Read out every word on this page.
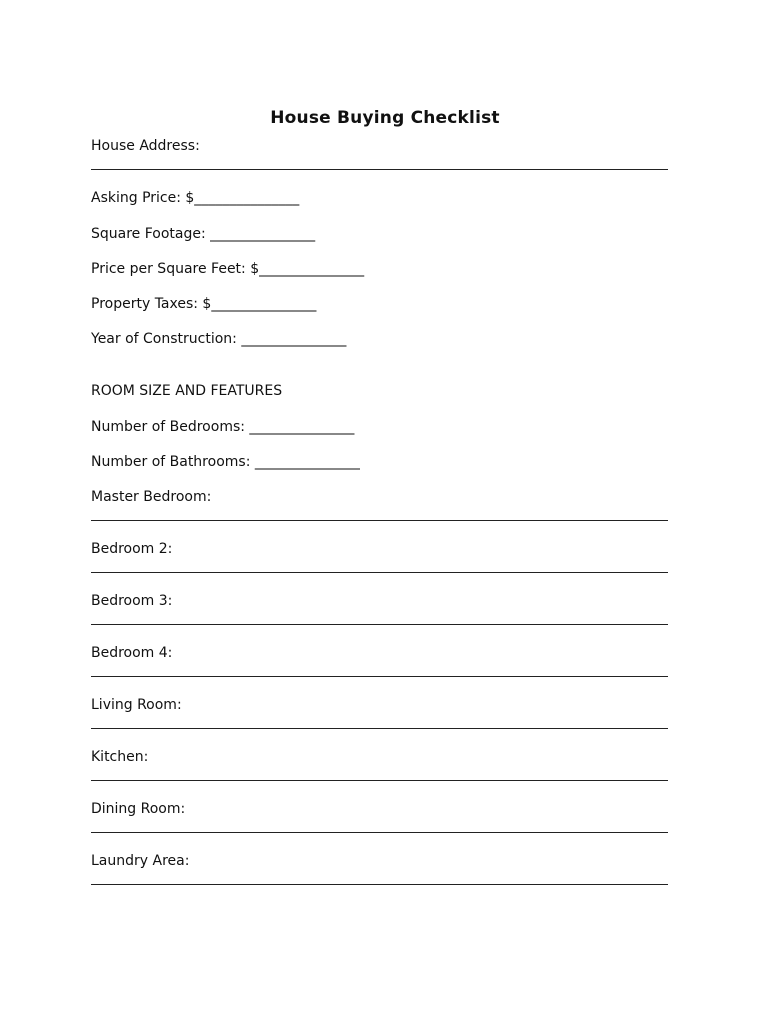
House Buying Checklist
House Address:
Asking Price: $_______________
Square Footage: _______________
Price per Square Feet: $_______________
Property Taxes: $_______________
Year of Construction: _______________
ROOM SIZE AND FEATURES
Number of Bedrooms: _______________
Number of Bathrooms: _______________
Master Bedroom:
Bedroom 2:
Bedroom 3:
Bedroom 4:
Living Room:
Kitchen:
Dining Room:
Laundry Area:
